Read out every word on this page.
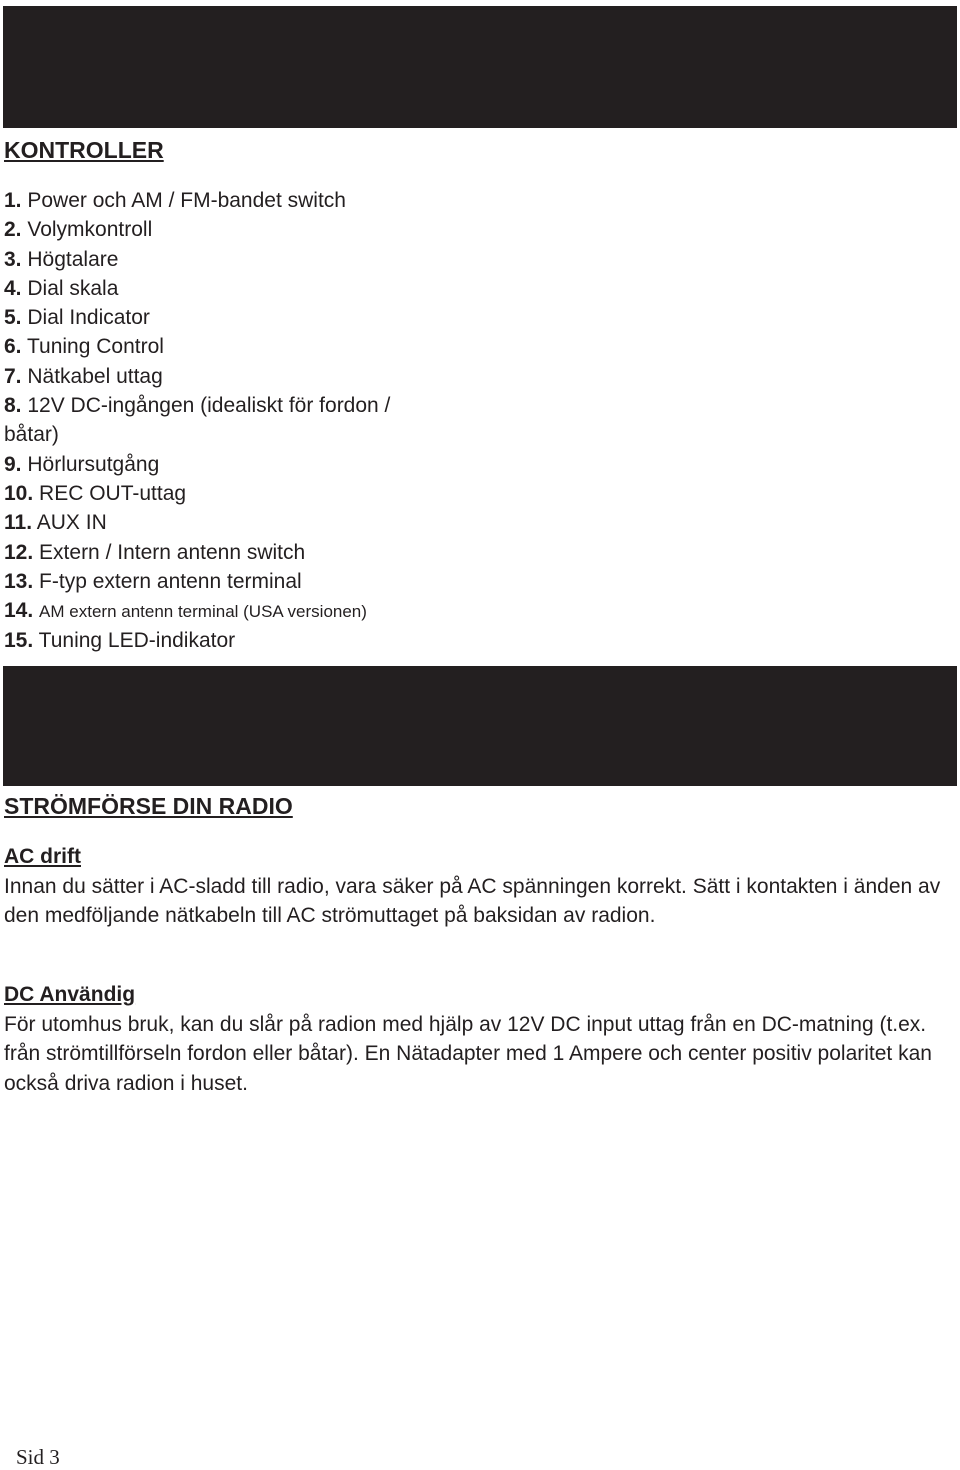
KONTROLLER
1. Power och AM / FM-bandet switch
2. Volymkontroll
3. Högtalare
4. Dial skala
5. Dial Indicator
6. Tuning Control
7. Nätkabel uttag
8. 12V DC-ingången (idealiskt för fordon /
båtar)
9. Hörlursutgång
10. REC OUT-uttag
11. AUX IN
12. Extern / Intern antenn switch
13. F-typ extern antenn terminal
14. AM extern antenn terminal (USA versionen)
15. Tuning LED-indikator
STRÖMFÖRSE DIN RADIO
AC drift

Innan du sätter i AC-sladd till radio, vara säker på AC spänningen korrekt. Sätt i kontakten i änden av den medföljande nätkabeln till AC strömuttaget på baksidan av radion.

DC Användig

För utomhus bruk, kan du slår på radion med hjälp av 12V DC input uttag från en DC-matning (t.ex. från strömtillförseln fordon eller båtar). En Nätadapter med 1 Ampere och center positiv polaritet kan också driva radion i huset.

Sid 3
